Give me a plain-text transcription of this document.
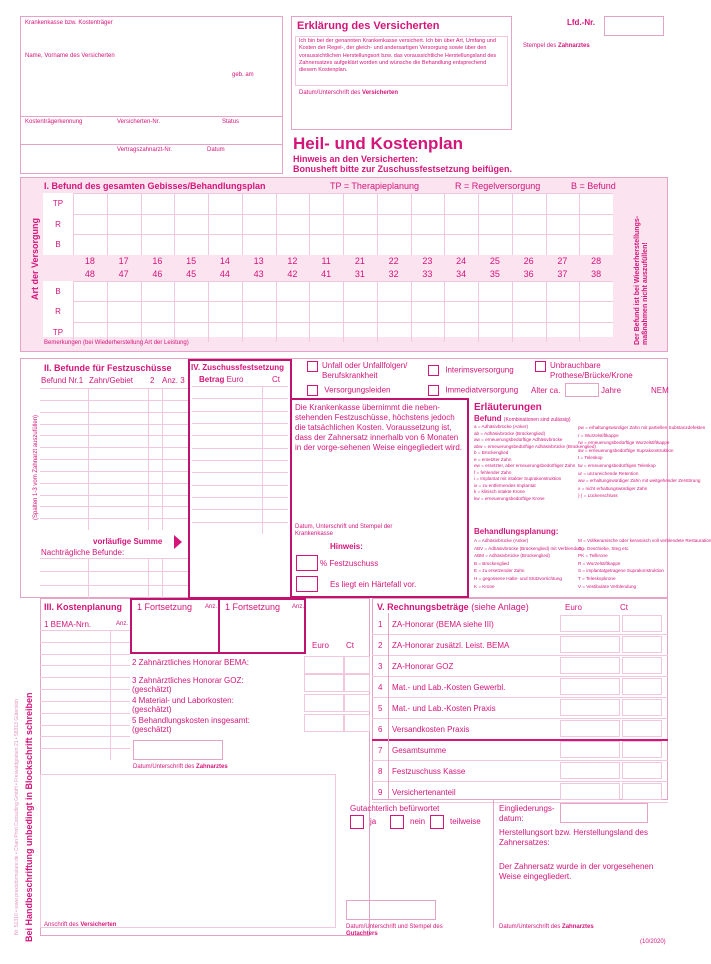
Krankenkasse bzw. Kostenträger
Name, Vorname des Versicherten
geb. am
Kostenträgerkennung	Versicherten-Nr.	Status
Vertragszahnarzt-Nr.	Datum
Erklärung des Versicherten
Ich bin bei der genannten Krankenkasse versichert. Ich bin über Art, Umfang und Kosten der Regel-, der gleich- und andersartigen Versorgung sowie über den voraussichtlichen Herstellungsort bzw. das voraussichtliche Herstellungsland des Zahnersatzes aufgeklärt worden und wünsche die Behandlung entsprechend diesem Kostenplan.
Datum/Unterschrift des Versicherten
Lfd.-Nr.
Stempel des Zahnarztes
Heil- und Kostenplan
Hinweis an den Versicherten:
Bonusheft bitte zur Zuschussfestsetzung beifügen.
I. Befund des gesamten Gebisses/Behandlungsplan	TP = Therapieplanung	R = Regelversorgung	B = Befund
TP
R
B
18	17	16	15	14	13	12	11	21	22	23	24	25	26	27	28
48	47	46	45	44	43	42	41	31	32	33	34	35	36	37	38
B
R
TP
Art der Versorgung	Der Befund ist bei Wiederherstellungs-maßnahmen nicht auszufüllen!
Bemerkungen (bei Wiederherstellung Art der Leistung)
II. Befunde für Festzuschüsse
Befund Nr.1 Zahn/Gebiet 2 Anz. 3
(Spalten 1-3 vom Zahnarzt auszufüllen)
IV. Zuschussfestsetzung
Betrag Euro	Ct
vorläufige Summe
Nachträgliche Befunde:
Unfall oder Unfallfolgen/ Berufskrankheit
Interimsversorgung
Unbrauchbare Prothese/Brücke/Krone
Versorgungsleiden	Immediatversorgung Alter ca.	Jahre	NEM
Die Krankenkasse übernimmt die neben-stehenden Festzuschüsse, höchstens jedoch die tatsächlichen Kosten. Voraussetzung ist, dass der Zahnersatz innerhalb von 6 Monaten in der vorge-sehenen Weise eingegliedert wird.
Datum, Unterschrift und Stempel der Krankenkasse
Hinweis:
% Festzuschuss
Es liegt ein Härtefall vor.
Erläuterungen
Befund (Kombinationen sind zulässig)
a = Adhäsivbrücke (Anker)
ab = Adhäsivbrücke (Brückenglied)
aw = erneuerungsbedürftige Adhäsivbrücke
abw = erneuerungsbedürftige Adhäsivbrücke (Brückenglied)
b = Brückenglied
e = ersetzter Zahn
ew = ersetzter, aber erneuerungsbedürftiger Zahn
f = fehlender Zahn
i = Implantat mit intakter Suprakonstruktion
ix = zu entfernendes Implantat
k = klinisch intakte Krone
kw = erneuerungsbedürftige Krone
pw = erhaltungswürdiger Zahn mit partiellen Substanzdefekten
r = Wurzelstiftkappe
rw = erneuerungsbedürftige Wurzelstiftkappe
sw = erneuerungsbedürftige Suprakonstruktion
t = Teleskop
tw = erneuerungsbedürftiges Teleskop
ur = unzureichende Retention
ww = erhaltungswürdiger Zahn mit weitgehender Zerstörung
x = nicht erhaltungswürdiger Zahn
) ( = Lückenschluss
Behandlungsplanung:
A = Adhäsivbrücke (Anker)
ABV = Adhäsivbrücke (Brückenglied) mit Verblendung
ABM = Adhäsivbrücke (Brückenglied)
B = Brückenglied
E = zu ersetzender Zahn
H = gegossene Halte- und Stützvorrichtung
K = Krone
M = Vollkeramische oder keramisch voll verblendete Restauration
O = Geschiebe, Steg etc.
PK = Teilkrone
R = Wurzelstiftkappe
S = implantatgetragene Suprakonstruktion
T = Teleskopkrone
V = Vestibuläre Verblendung
III. Kostenplanung 1 Fortsetzung Anz. 1 Fortsetzung Anz.
1 BEMA-Nrn.	Anz.
Euro Ct
2 Zahnärztliches Honorar BEMA:
3 Zahnärztliches Honorar GOZ: (geschätzt)
4 Material- und Laborkosten: (geschätzt)
5 Behandlungskosten insgesamt: (geschätzt)
Datum/Unterschrift des Zahnarztes
V. Rechnungsbeträge (siehe Anlage)	Euro	Ct
1 ZA-Honorar (BEMA siehe III)
2 ZA-Honorar zusätzl. Leist. BEMA
3 ZA-Honorar GOZ
4 Mat.- und Lab.-Kosten Gewerbl.
5 Mat.- und Lab.-Kosten Praxis
6 Versandkosten Praxis
7 Gesamtsumme
8 Festzuschuss Kasse
9 Versichertenanteil
Anschrift des Versicherten
Gutachterlich befürwortet
ja	nein	teilweise
Datum/Unterschrift und Stempel des Gutachters
Eingliederungs- datum:
Herstellungsort bzw. Herstellungsland des Zahnersatzes:
Der Zahnersatz wurde in der vorgesehenen Weise eingegliedert.
Datum/Unterschrift des Zahnarztes
(10/2020)
Bei Handbeschriftung unbedingt in Blockschrift schreiben
Nr. 51310 • www.praxisformulare.de • Chan Print Consulting GmbH • Freiwaldgraben 21 • 58313 Gütersloh
